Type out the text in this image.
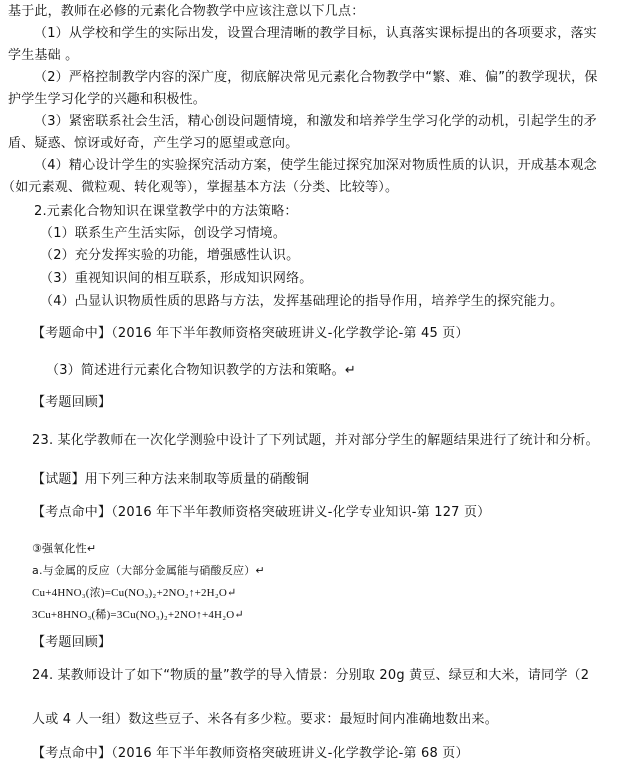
基于此，教师在必修的元素化合物教学中应该注意以下几点：
（1）从学校和学生的实际出发，设置合理清晰的教学目标，认真落实课标提出的各项要求，落实
学生基础 。
（2）严格控制教学内容的深广度，彻底解决常见元素化合物教学中“繁、难、偏”的教学现状，保
护学生学习化学的兴趣和积极性。
（3）紧密联系社会生活，精心创设问题情境，和激发和培养学生学习化学的动机，引起学生的矛
盾、疑惑、惊讶或好奇，产生学习的愿望或意向。
（4）精心设计学生的实验探究活动方案，使学生能过探究加深对物质性质的认识，开成基本观念
（如元素观、微粒观、转化观等），掌握基本方法（分类、比较等）。
2.元素化合物知识在课堂教学中的方法策略：
（1）联系生产生活实际，创设学习情境。
（2）充分发挥实验的功能，增强感性认识。
（3）重视知识间的相互联系，形成知识网络。
（4）凸显认识物质性质的思路与方法，发挥基础理论的指导作用，培养学生的探究能力。
【考题命中】（2016 年下半年教师资格突破班讲义-化学教学论-第 45 页）
（3）简述进行元素化合物知识教学的方法和策略。↵
【考题回顾】
23. 某化学教师在一次化学测验中设计了下列试题，并对部分学生的解题结果进行了统计和分析。
【试题】用下列三种方法来制取等质量的硝酸铜
【考点命中】（2016 年下半年教师资格突破班讲义-化学专业知识-第 127 页）
③强氧化性↵
a.与金属的反应（大部分金属能与硝酸反应）↵
Cu+4HNO₃(浓)=Cu(NO₃)₂+2NO₂↑+2H₂O↵
3Cu+8HNO₃(稀)=3Cu(NO₃)₂+2NO↑+4H₂O↵
【考题回顾】
24. 某教师设计了如下“物质的量”教学的导入情景：分别取 20g 黄豆、绿豆和大米，请同学（2
人或 4 人一组）数这些豆子、米各有多少粒。要求：最短时间内准确地数出来。
【考点命中】（2016 年下半年教师资格突破班讲义-化学教学论-第 68 页）
